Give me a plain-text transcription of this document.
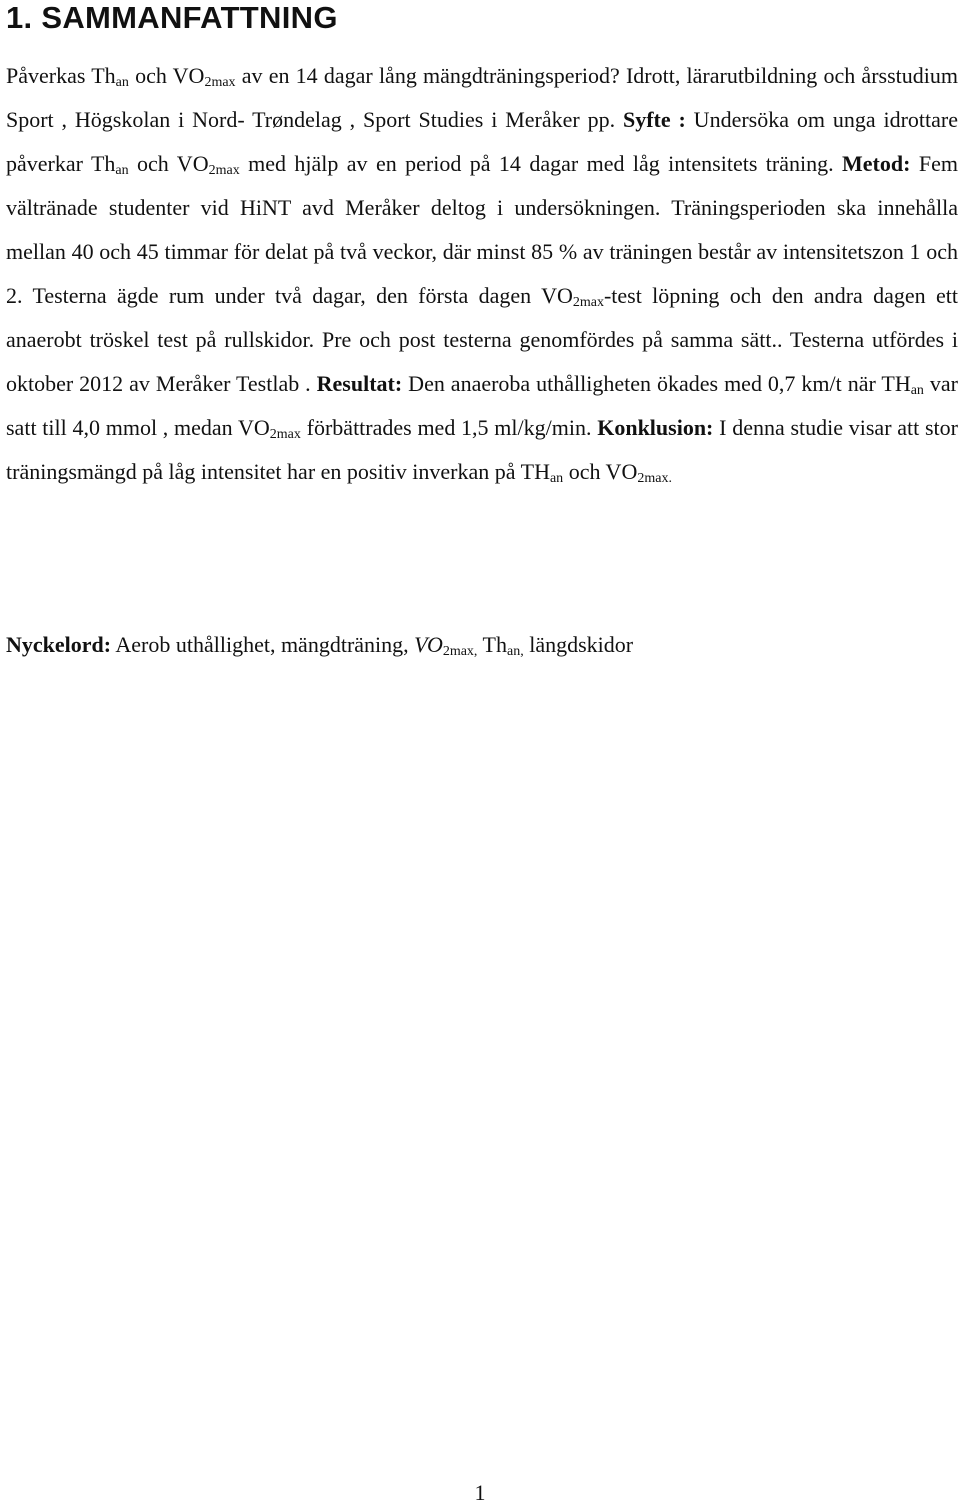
1. SAMMANFATTNING

Påverkas $Th_{an}$ och $VO_{2max}$ av en 14 dagar lång mängdträningsperiod? Idrott, lärarutbildning och årsstudium Sport , Högskolan i Nord- Trøndelag , Sport Studies i Meråker pp. Syfte : Undersöka om unga idrottare påverkar $Th_{an}$ och $VO_{2max}$ med hjälp av en period på 14 dagar med låg intensitets träning. Metod: Fem vältränade studenter vid HiNT avd Meråker deltog i undersökningen. Träningsperioden ska innehålla mellan 40 och 45 timmar för delat på två veckor, där minst 85 % av träningen består av intensitetszon 1 och 2. Testerna ägde rum under två dagar, den första dagen $VO_{2max}$-test löpning och den andra dagen ett anaerobt tröskel test på rullskidor. Pre och post testerna genomfördes på samma sätt.. Testerna utfördes i oktober 2012 av Meråker Testlab . Resultat: Den anaeroba uthålligheten ökades med 0,7 km/t när $TH_{an}$ var satt till 4,0 mmol , medan $VO_{2max}$ förbättrades med 1,5 ml/kg/min. Konklusion: I denna studie visar att stor träningsmängd på låg intensitet har en positiv inverkan på $TH_{an}$ och $VO_{2max.}$

Nyckelord: Aerob uthållighet, mängdträning, $VO_{2max,}$ $Th_{an,}$ längdskidor

1
